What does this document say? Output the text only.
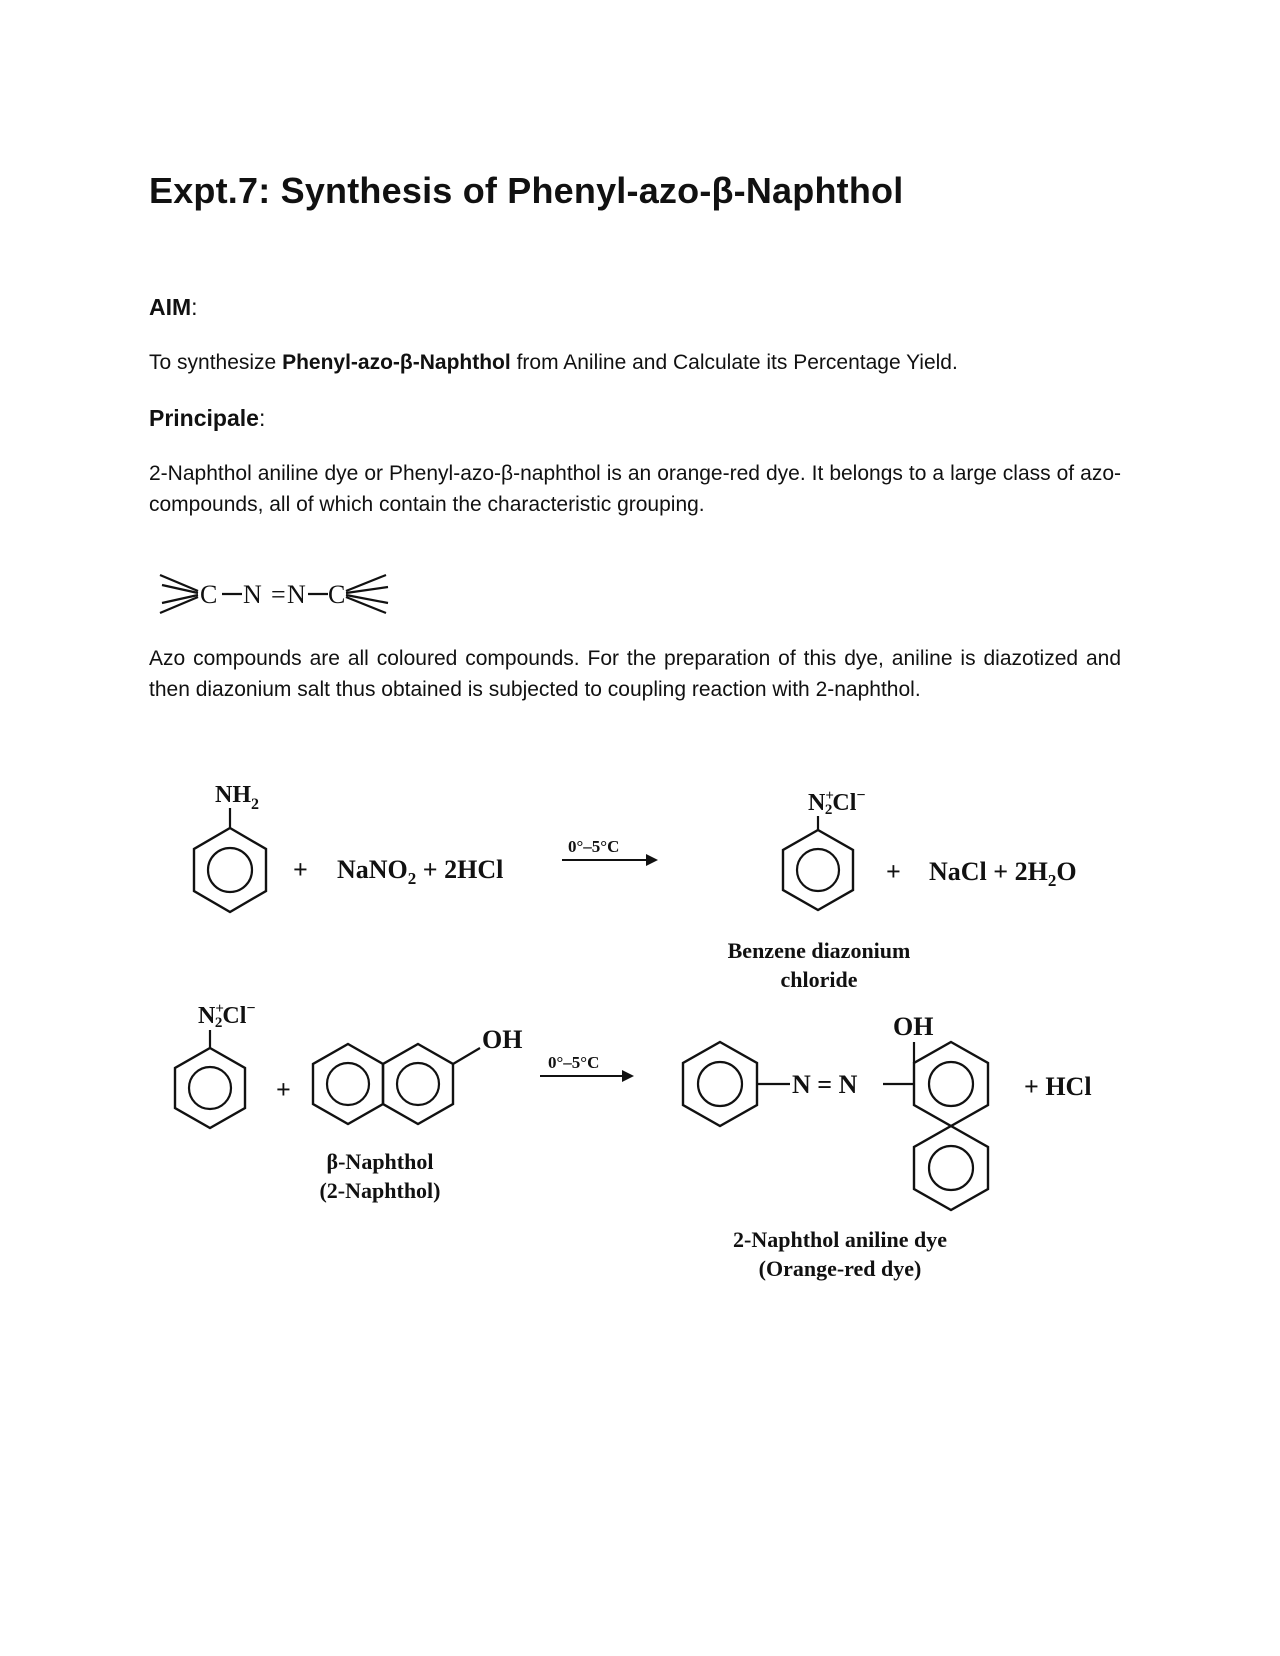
Expt.7: Synthesis of Phenyl-azo-β-Naphthol
AIM:
To synthesize Phenyl-azo-β-Naphthol from Aniline and Calculate its Percentage Yield.
Principale:
2-Naphthol aniline dye or Phenyl-azo-β-naphthol is an orange-red dye. It belongs to a large class of azo-compounds, all of which contain the characteristic grouping.
C N = N C
Azo compounds are all coloured compounds. For the preparation of this dye, aniline is diazotized and then diazonium salt thus obtained is subjected to coupling reaction with 2-naphthol.
$NH_2$
+ NaNO$_2$ + 2HCl
0°–5°C
N+ 2Cl−
+ NaCl + $2H_2O$
Benzene diazonium
chloride
N+ 2Cl−
+
OH
β-Naphthol
(2-Naphthol)
0°–5°C
N = N
OH
+ HCl
2-Naphthol aniline dye
(Orange-red dye)
